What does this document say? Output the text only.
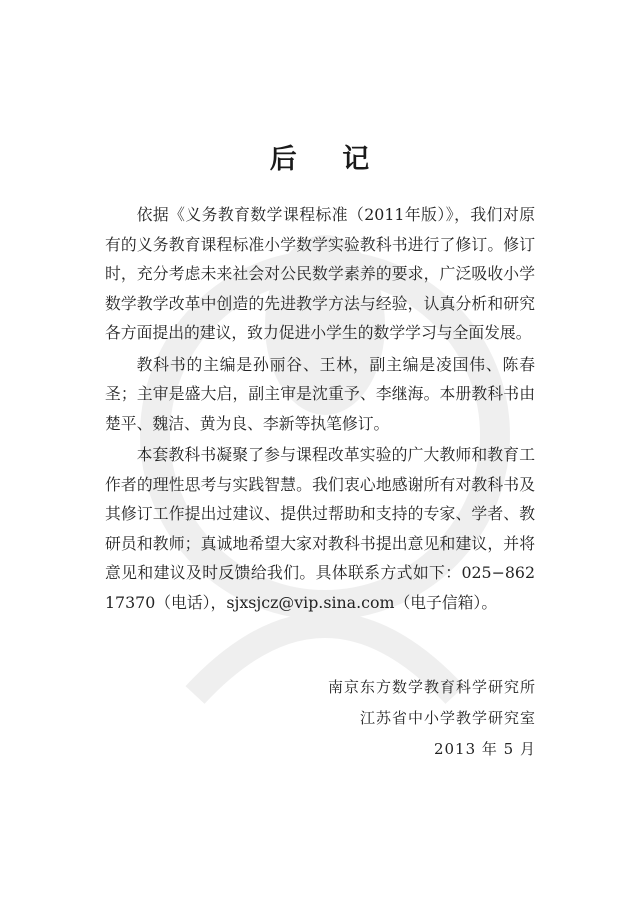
后 记

依据《义务教育数学课程标准（2011年版）》，我们对原有的义务教育课程标准小学数学实验教科书进行了修订。修订时，充分考虑未来社会对公民数学素养的要求，广泛吸收小学数学教学改革中创造的先进教学方法与经验，认真分析和研究各方面提出的建议，致力促进小学生的数学学习与全面发展。

教科书的主编是孙丽谷、王林，副主编是凌国伟、陈春圣；主审是盛大启，副主审是沈重予、李继海。本册教科书由楚平、魏洁、黄为良、李新等执笔修订。

本套教科书凝聚了参与课程改革实验的广大教师和教育工作者的理性思考与实践智慧。我们衷心地感谢所有对教科书及其修订工作提出过建议、提供过帮助和支持的专家、学者、教研员和教师；真诚地希望大家对教科书提出意见和建议，并将意见和建议及时反馈给我们。具体联系方式如下：025−86217370（电话），sjxsjcz@vip.sina.com（电子信箱）。

南京东方数学教育科学研究所
江苏省中小学教学研究室
2013 年 5 月
